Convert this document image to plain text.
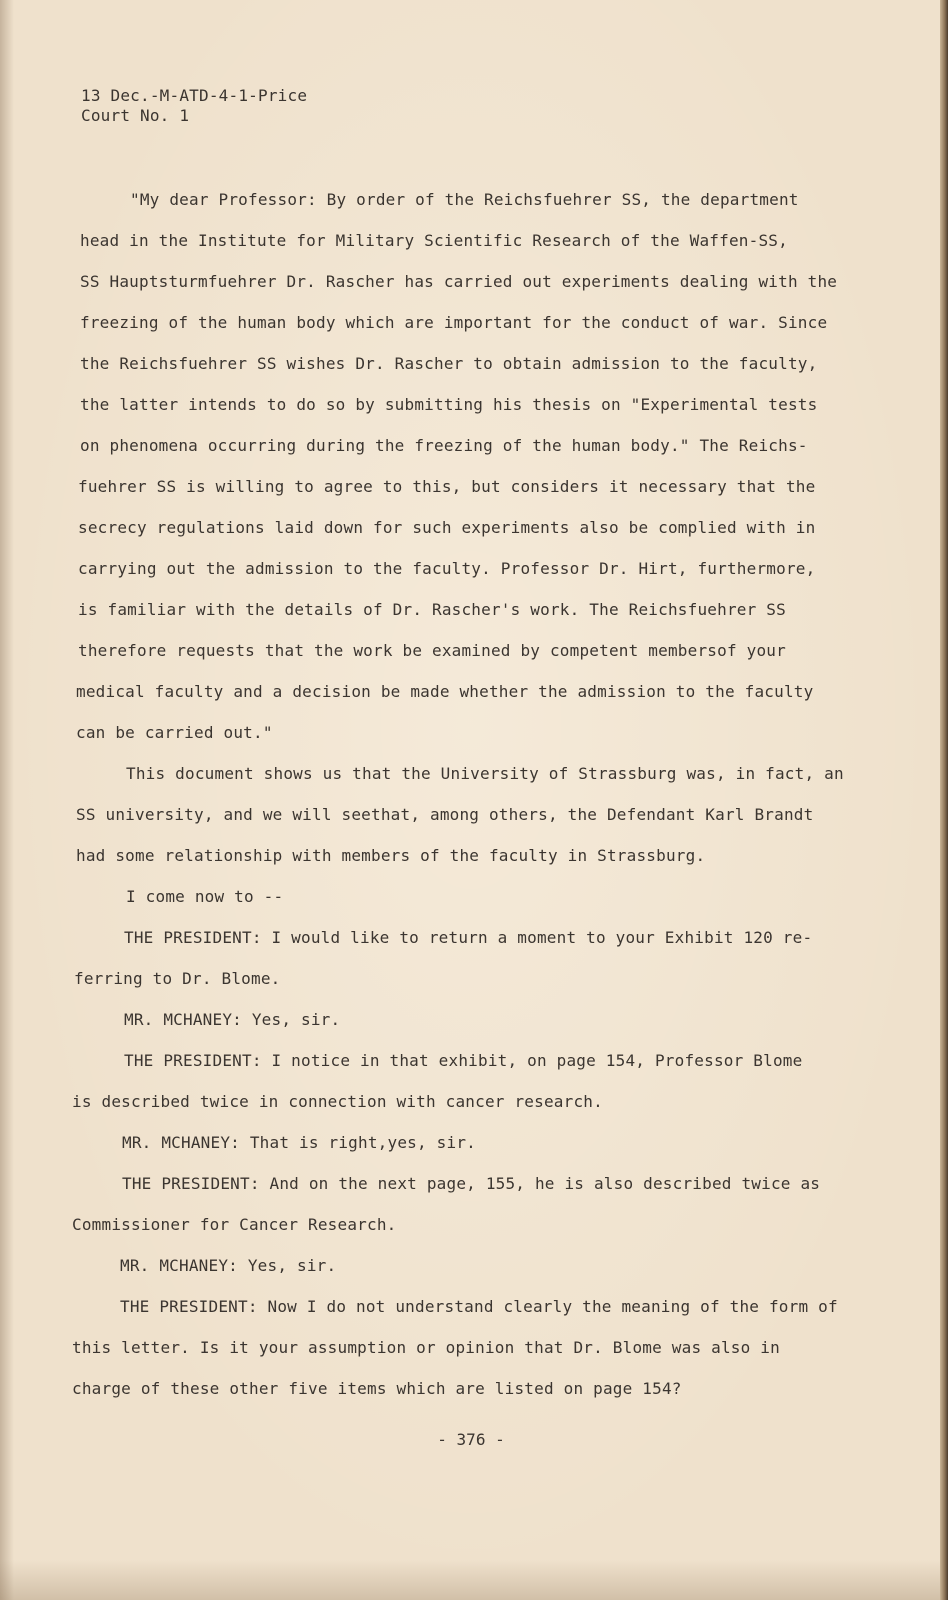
13 Dec.-M-ATD-4-1-Price
Court No. 1
"My dear Professor: By order of the Reichsfuehrer SS, the department
head in the Institute for Military Scientific Research of the Waffen-SS,
SS Hauptsturmfuehrer Dr. Rascher has carried out experiments dealing with the
freezing of the human body which are important for the conduct of war. Since
the Reichsfuehrer SS wishes Dr. Rascher to obtain admission to the faculty,
the latter intends to do so by submitting his thesis on "Experimental tests
on phenomena occurring during the freezing of the human body." The Reichs-
fuehrer SS is willing to agree to this, but considers it necessary that the
secrecy regulations laid down for such experiments also be complied with in
carrying out the admission to the faculty. Professor Dr. Hirt, furthermore,
is familiar with the details of Dr. Rascher's work. The Reichsfuehrer SS
therefore requests that the work be examined by competent membersof your
medical faculty and a decision be made whether the admission to the faculty
can be carried out."
This document shows us that the University of Strassburg was, in fact, an
SS university, and we will seethat, among others, the Defendant Karl Brandt
had some relationship with members of the faculty in Strassburg.
I come now to --
THE PRESIDENT: I would like to return a moment to your Exhibit 120 re-
ferring to Dr. Blome.
MR. MCHANEY: Yes, sir.
THE PRESIDENT: I notice in that exhibit, on page 154, Professor Blome
is described twice in connection with cancer research.
MR. MCHANEY: That is right,yes, sir.
THE PRESIDENT: And on the next page, 155, he is also described twice as
Commissioner for Cancer Research.
MR. MCHANEY: Yes, sir.
THE PRESIDENT: Now I do not understand clearly the meaning of the form of
this letter. Is it your assumption or opinion that Dr. Blome was also in
charge of these other five items which are listed on page 154?
- 376 -
